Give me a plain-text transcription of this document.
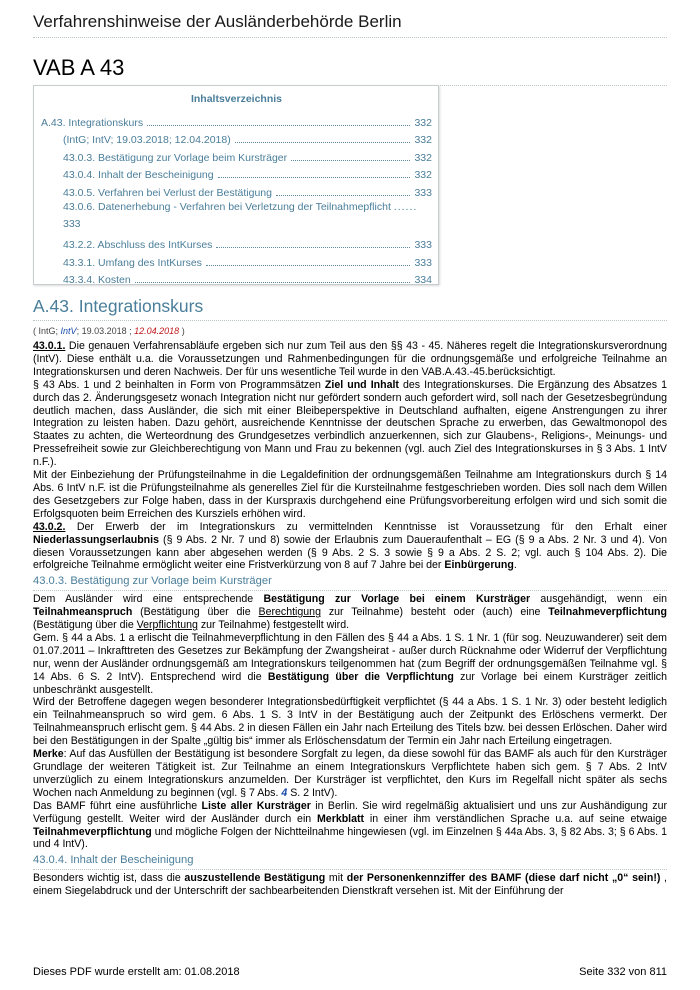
Verfahrenshinweise der Ausländerbehörde Berlin
VAB A 43
Inhaltsverzeichnis
A.43. Integrationskurs	332
(IntG; IntV; 19.03.2018; 12.04.2018)	332
43.0.3. Bestätigung zur Vorlage beim Kursträger	332
43.0.4. Inhalt der Bescheinigung	332
43.0.5. Verfahren bei Verlust der Bestätigung	333
43.0.6. Datenerhebung - Verfahren bei Verletzung der Teilnahmepflicht ......
333
43.2.2. Abschluss des IntKurses	333
43.3.1. Umfang des IntKurses	333
43.3.4. Kosten	334
A.43. Integrationskurs
( IntG; IntV; 19.03.2018 ; 12.04.2018 )

43.0.1. Die genauen Verfahrensabläufe ergeben sich nur zum Teil aus den §§ 43 - 45. Näheres regelt die Integrationskursverordnung (IntV). Diese enthält u.a. die Voraussetzungen und Rahmenbedingungen für die ordnungsgemäße und erfolgreiche Teilnahme an Integrationskursen und deren Nachweis. Der für uns wesentliche Teil wurde in den VAB.A.43.-45.berücksichtigt.

§ 43 Abs. 1 und 2 beinhalten in Form von Programmsätzen Ziel und Inhalt des Integrationskurses. Die Ergänzung des Absatzes 1 durch das 2. Änderungsgesetz wonach Integration nicht nur gefördert sondern auch gefordert wird, soll nach der Gesetzesbegründung deutlich machen, dass Ausländer, die sich mit einer Bleibeperspektive in Deutschland aufhalten, eigene Anstrengungen zu ihrer Integration zu leisten haben. Dazu gehört, ausreichende Kenntnisse der deutschen Sprache zu erwerben, das Gewaltmonopol des Staates zu achten, die Werteordnung des Grundgesetzes verbindlich anzuerkennen, sich zur Glaubens-, Religions-, Meinungs- und Pressefreiheit sowie zur Gleichberechtigung von Mann und Frau zu bekennen (vgl. auch Ziel des Integrationskurses in § 3 Abs. 1 IntV n.F.).

Mit der Einbeziehung der Prüfungsteilnahme in die Legaldefinition der ordnungsgemäßen Teilnahme am Integrationskurs durch § 14 Abs. 6 IntV n.F. ist die Prüfungsteilnahme als generelles Ziel für die Kursteilnahme festgeschrieben worden. Dies soll nach dem Willen des Gesetzgebers zur Folge haben, dass in der Kurspraxis durchgehend eine Prüfungsvorbereitung erfolgen wird und sich somit die Erfolgsquoten beim Erreichen des Kursziels erhöhen wird.

43.0.2. Der Erwerb der im Integrationskurs zu vermittelnden Kenntnisse ist Voraussetzung für den Erhalt einer Niederlassungserlaubnis (§ 9 Abs. 2 Nr. 7 und 8) sowie der Erlaubnis zum Daueraufenthalt – EG (§ 9 a Abs. 2 Nr. 3 und 4). Von diesen Voraussetzungen kann aber abgesehen werden (§ 9 Abs. 2 S. 3 sowie § 9 a Abs. 2 S. 2; vgl. auch § 104 Abs. 2). Die erfolgreiche Teilnahme ermöglicht weiter eine Fristverkürzung von 8 auf 7 Jahre bei der Einbürgerung.

43.0.3. Bestätigung zur Vorlage beim Kursträger

Dem Ausländer wird eine entsprechende Bestätigung zur Vorlage bei einem Kursträger ausgehändigt, wenn ein Teilnahmeanspruch (Bestätigung über die Berechtigung zur Teilnahme) besteht oder (auch) eine Teilnahmeverpflichtung (Bestätigung über die Verpflichtung zur Teilnahme) festgestellt wird.

Gem. § 44 a Abs. 1 a erlischt die Teilnahmeverpflichtung in den Fällen des § 44 a Abs. 1 S. 1 Nr. 1 (für sog. Neuzuwanderer) seit dem 01.07.2011 – Inkrafttreten des Gesetzes zur Bekämpfung der Zwangsheirat - außer durch Rücknahme oder Widerruf der Verpflichtung nur, wenn der Ausländer ordnungsgemäß am Integrationskurs teilgenommen hat (zum Begriff der ordnungsgemäßen Teilnahme vgl. § 14 Abs. 6 S. 2 IntV). Entsprechend wird die Bestätigung über die Verpflichtung zur Vorlage bei einem Kursträger zeitlich unbeschränkt ausgestellt.

Wird der Betroffene dagegen wegen besonderer Integrationsbedürftigkeit verpflichtet (§ 44 a Abs. 1 S. 1 Nr. 3) oder besteht lediglich ein Teilnahmeanspruch so wird gem. 6 Abs. 1 S. 3 IntV in der Bestätigung auch der Zeitpunkt des Erlöschens vermerkt. Der Teilnahmeanspruch erlischt gem. § 44 Abs. 2 in diesen Fällen ein Jahr nach Erteilung des Titels bzw. bei dessen Erlöschen. Daher wird bei den Bestätigungen in der Spalte „gültig bis“ immer als Erlöschensdatum der Termin ein Jahr nach Erteilung eingetragen.

Merke: Auf das Ausfüllen der Bestätigung ist besondere Sorgfalt zu legen, da diese sowohl für das BAMF als auch für den Kursträger Grundlage der weiteren Tätigkeit ist. Zur Teilnahme an einem Integrationskurs Verpflichtete haben sich gem. § 7 Abs. 2 IntV unverzüglich zu einem Integrationskurs anzumelden. Der Kursträger ist verpflichtet, den Kurs im Regelfall nicht später als sechs Wochen nach Anmeldung zu beginnen (vgl. § 7 Abs. 4 S. 2 IntV).

Das BAMF führt eine ausführliche Liste aller Kursträger in Berlin. Sie wird regelmäßig aktualisiert und uns zur Aushändigung zur Verfügung gestellt. Weiter wird der Ausländer durch ein Merkblatt in einer ihm verständlichen Sprache u.a. auf seine etwaige Teilnahmeverpflichtung und mögliche Folgen der Nichtteilnahme hingewiesen (vgl. im Einzelnen § 44a Abs. 3, § 82 Abs. 3; § 6 Abs. 1 und 4 IntV).

43.0.4. Inhalt der Bescheinigung

Besonders wichtig ist, dass die auszustellende Bestätigung mit der Personenkennziffer des BAMF (diese darf nicht „0“ sein!) , einem Siegelabdruck und der Unterschrift der sachbearbeitenden Dienstkraft versehen ist. Mit der Einführung der

Dieses PDF wurde erstellt am: 01.08.2018	Seite 332 von 811
